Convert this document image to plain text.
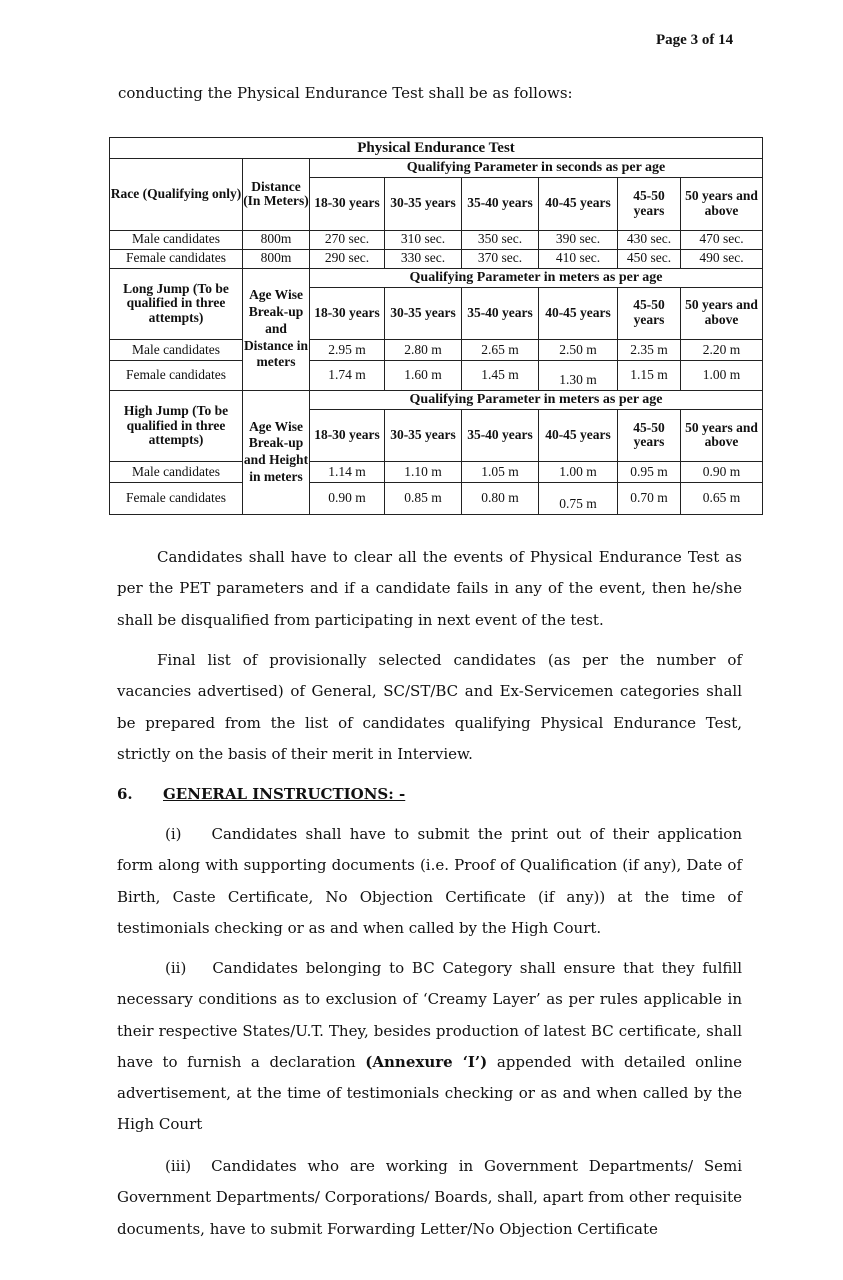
Page 3 of 14
conducting the Physical Endurance Test shall be as follows:
Physical Endurance Test							
Race (Qualifying only)	Distance (In Meters)	Qualifying Parameter in seconds as per age					
		18-30 years	30-35 years	35-40 years	40-45 years	45-50 years	50 years and above
Male candidates	800m	270 sec.	310 sec.	350 sec.	390 sec.	430 sec.	470 sec.
Female candidates	800m	290 sec.	330 sec.	370 sec.	410 sec.	450 sec.	490 sec.
Long Jump (To be qualified in three attempts)	Age Wise Break-up and Distance in meters	Qualifying Parameter in meters as per age					
		18-30 years	30-35 years	35-40 years	40-45 years	45-50 years	50 years and above
Male candidates		2.95 m	2.80 m	2.65 m	2.50 m	2.35 m	2.20 m
Female candidates		1.74 m	1.60 m	1.45 m	1.30 m	1.15 m	1.00 m
High Jump (To be qualified in three attempts)	Age Wise Break-up and Height in meters	Qualifying Parameter in meters as per age					
		18-30 years	30-35 years	35-40 years	40-45 years	45-50 years	50 years and above
Male candidates		1.14 m	1.10 m	1.05 m	1.00 m	0.95 m	0.90 m
Female candidates		0.90 m	0.85 m	0.80 m	0.75 m	0.70 m	0.65 m

Candidates shall have to clear all the events of Physical Endurance Test as per the PET parameters and if a candidate fails in any of the event, then he/she shall be disqualified from participating in next event of the test.

Final list of provisionally selected candidates (as per the number of vacancies advertised) of General, SC/ST/BC and Ex-Servicemen categories shall be prepared from the list of candidates qualifying Physical Endurance Test, strictly on the basis of their merit in Interview.

6. GENERAL INSTRUCTIONS: -

(i) Candidates shall have to submit the print out of their application form along with supporting documents (i.e. Proof of Qualification (if any), Date of Birth, Caste Certificate, No Objection Certificate (if any)) at the time of testimonials checking or as and when called by the High Court.

(ii) Candidates belonging to BC Category shall ensure that they fulfill necessary conditions as to exclusion of ‘Creamy Layer’ as per rules applicable in their respective States/U.T. They, besides production of latest BC certificate, shall have to furnish a declaration (Annexure ‘I’) appended with detailed online advertisement, at the time of testimonials checking or as and when called by the High Court

(iii) Candidates who are working in Government Departments/ Semi Government Departments/ Corporations/ Boards, shall, apart from other requisite documents, have to submit Forwarding Letter/No Objection Certificate
